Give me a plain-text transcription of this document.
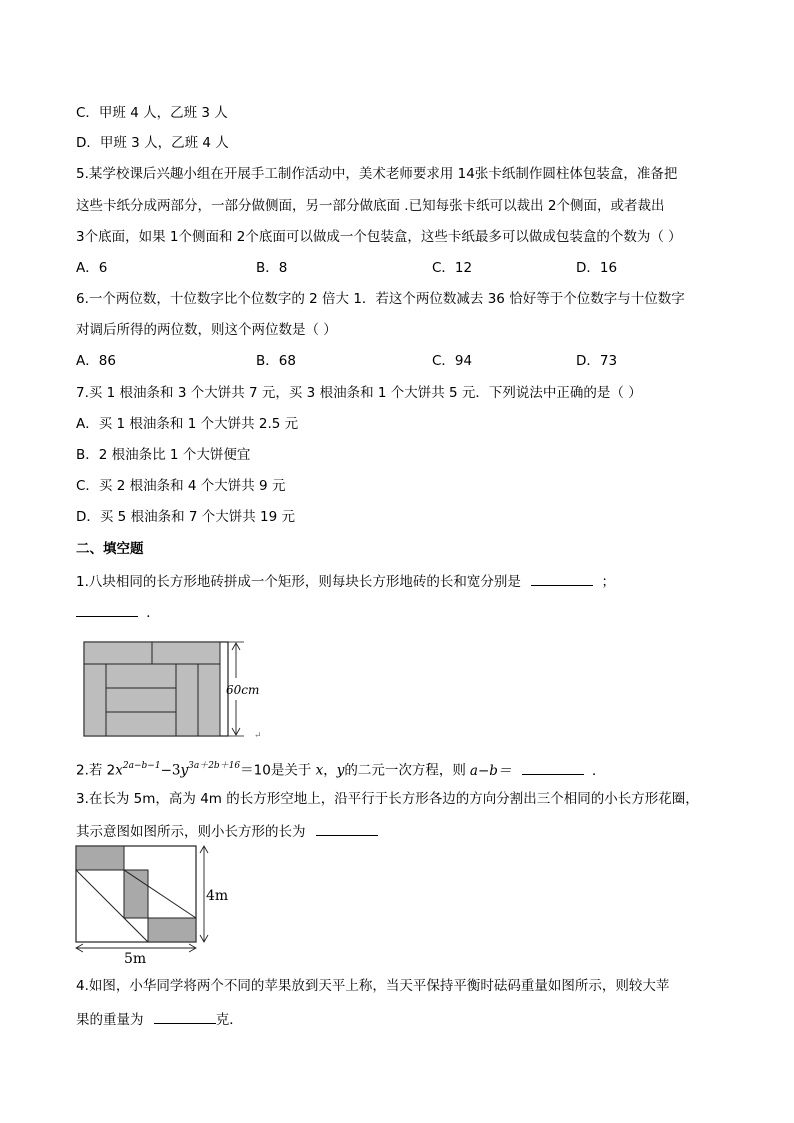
C．甲班 4 人，乙班 3 人
D．甲班 3 人，乙班 4 人
5.某学校课后兴趣小组在开展手工制作活动中，美术老师要求用 14张卡纸制作圆柱体包装盒，准备把
这些卡纸分成两部分，一部分做侧面，另一部分做底面 .已知每张卡纸可以裁出 2个侧面，或者裁出
3个底面，如果 1个侧面和 2个底面可以做成一个包装盒，这些卡纸最多可以做成包装盒的个数为（ ）
A．6	B．8	C．12	D．16
6.一个两位数，十位数字比个位数字的 2 倍大 1．若这个两位数减去 36 恰好等于个位数字与十位数字
对调后所得的两位数，则这个两位数是（ ）
A．86	B．68	C．94	D．73
7.买 1 根油条和 3 个大饼共 7 元，买 3 根油条和 1 个大饼共 5 元．下列说法中正确的是（ ）
A．买 1 根油条和 1 个大饼共 2.5 元
B．2 根油条比 1 个大饼便宜
C．买 2 根油条和 4 个大饼共 9 元
D．买 5 根油条和 7 个大饼共 19 元
二、填空题
1.八块相同的长方形地砖拼成一个矩形，则每块长方形地砖的长和宽分别是	；
．
60cm
↵
2.若 $2x^{2a-b-1}-3y^{3a+2b+16}=10$是关于 x，y的二元一次方程，则 a−b＝	．
3.在长为 5m，高为 4m 的长方形空地上，沿平行于长方形各边的方向分割出三个相同的小长方形花圈，
其示意图如图所示，则小长方形的长为
4m
5m
4.如图，小华同学将两个不同的苹果放到天平上称，当天平保持平衡时砝码重量如图所示，则较大苹
果的重量为	克．
